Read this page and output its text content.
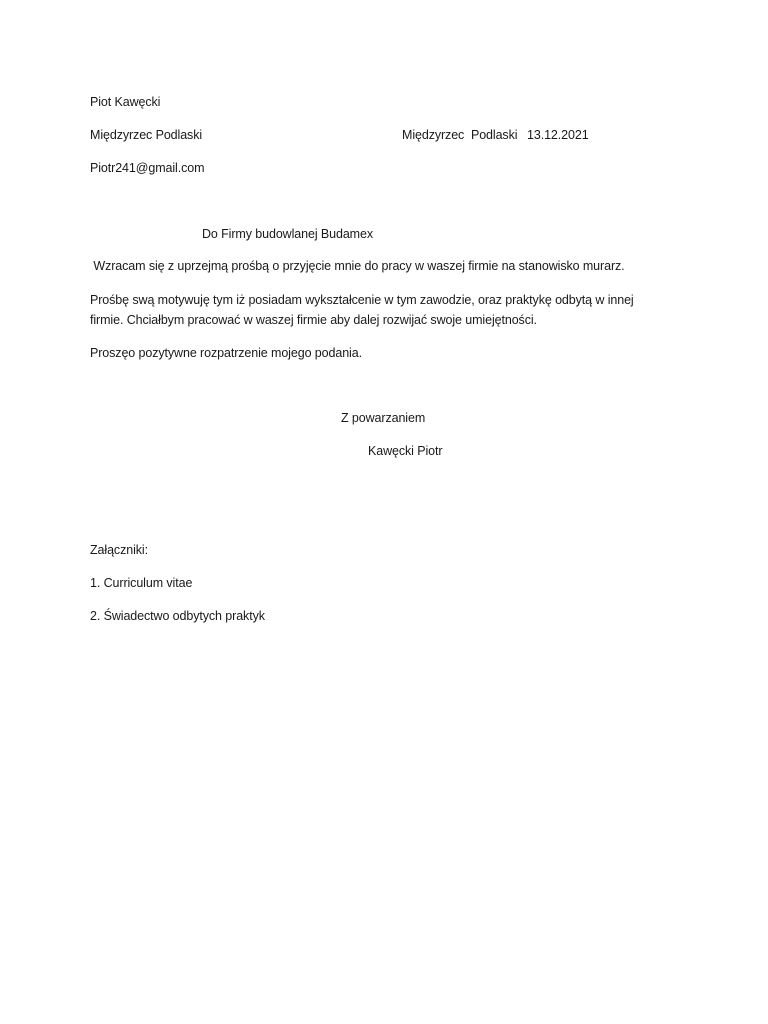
Piot Kawęcki
Międzyrzec Podlaski	Międzyrzec  Podlaski 13.12.2021
Piotr241@gmail.com
Do Firmy budowlanej Budamex
Wzracam się z uprzejmą prośbą o przyjęcie mnie do pracy w waszej firmie na stanowisko murarz.
Prośbę swą motywuję tym iż posiadam wykształcenie w tym zawodzie, oraz praktykę odbytą w innej
firmie. Chciałbym pracować w waszej firmie aby dalej rozwijać swoje umiejętności.
Proszęo pozytywne rozpatrzenie mojego podania.
Z powarzaniem
Kawęcki Piotr
Załączniki:
1. Curriculum vitae
2. Świadectwo odbytych praktyk
